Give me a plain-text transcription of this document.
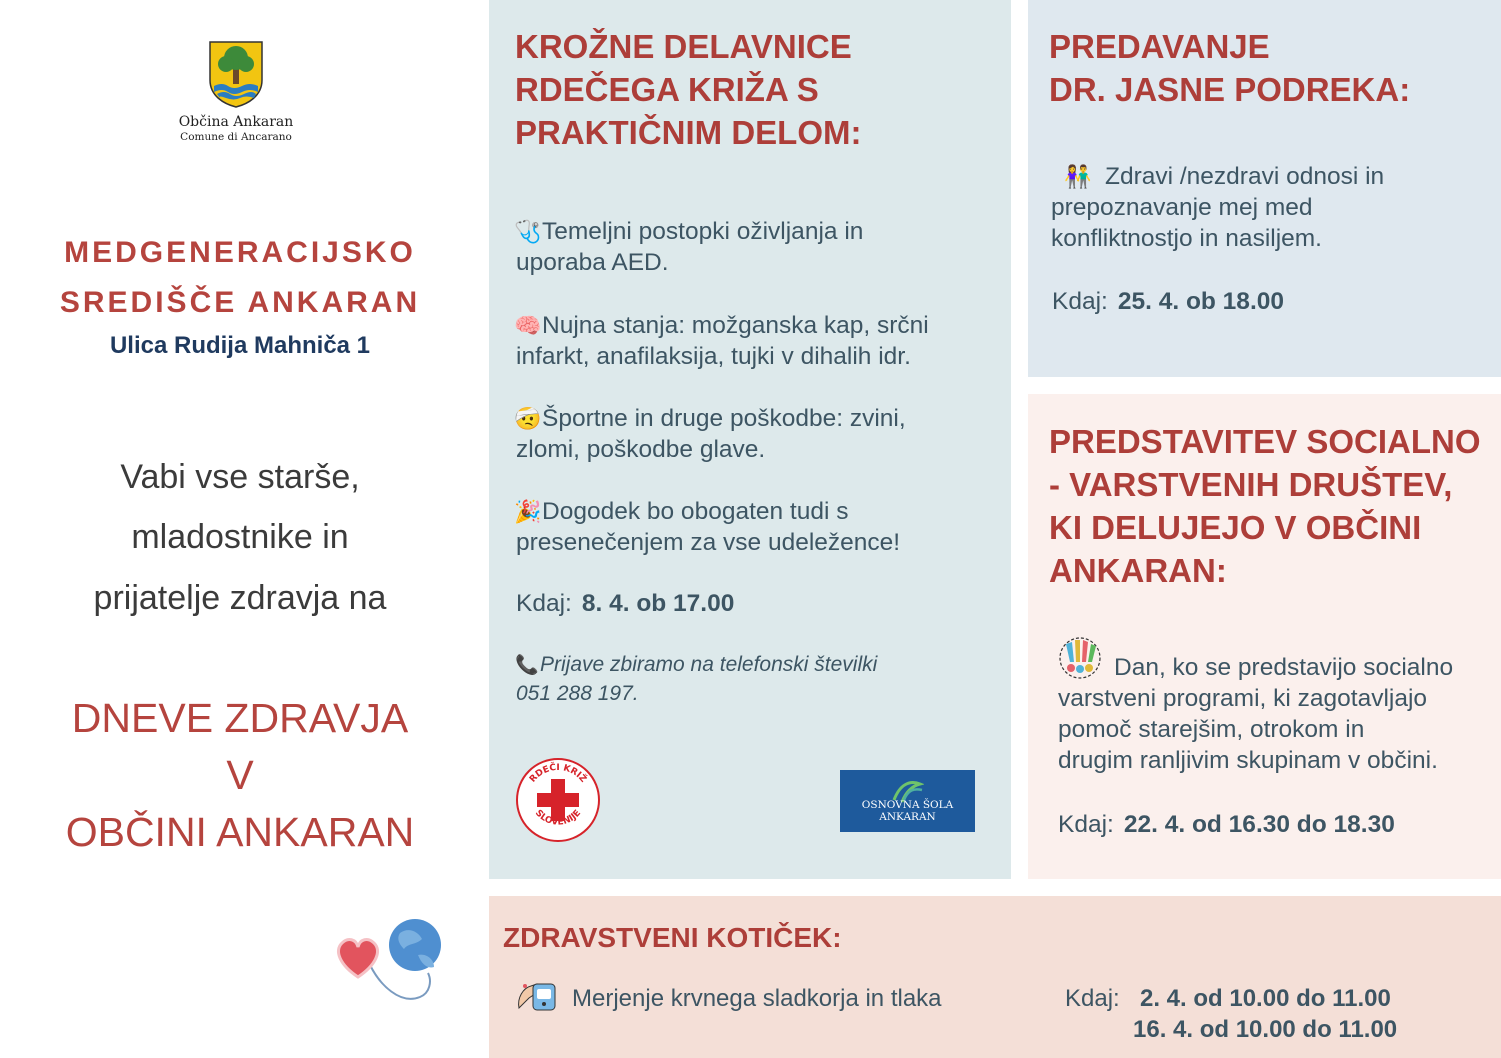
Občina Ankaran
Comune di Ancarano
MEDGENERACIJSKO
SREDIŠČE ANKARAN
Ulica Rudija Mahniča 1
Vabi vse starše,
mladostnike in
prijatelje zdravja na
DNEVE ZDRAVJA
V
OBČINI ANKARAN
KROŽNE DELAVNICE
RDEČEGA KRIŽA S
PRAKTIČNIM DELOM:
🩺Temeljni postopki oživljanja in
uporaba AED.
🧠Nujna stanja: možganska kap, srčni
infarkt, anafilaksija, tujki v dihalih idr.
🤕Športne in druge poškodbe: zvini,
zlomi, poškodbe glave.
🎉Dogodek bo obogaten tudi s
presenečenjem za vse udeležence!
Kdaj: 8. 4. ob 17.00
📞Prijave zbiramo na telefonski številki
051 288 197.
RDEČI KRIŽ
SLOVENIJE
OSNOVNA ŠOLA ANKARAN
PREDAVANJE
DR. JASNE PODREKA:
👫 Zdravi /nezdravi odnosi in
prepoznavanje mej med
konfliktnostjo in nasiljem.
Kdaj: 25. 4. ob 18.00
PREDSTAVITEV SOCIALNO
- VARSTVENIH DRUŠTEV,
KI DELUJEJO V OBČINI
ANKARAN:
Dan, ko se predstavijo socialno
varstveni programi, ki zagotavljajo
pomoč starejšim, otrokom in
drugim ranljivim skupinam v občini.
Kdaj: 22. 4. od 16.30 do 18.30
ZDRAVSTVENI KOTIČEK:
Merjenje krvnega sladkorja in tlaka	Kdaj: 2. 4. od 10.00 do 11.00
16. 4. od 10.00 do 11.00
